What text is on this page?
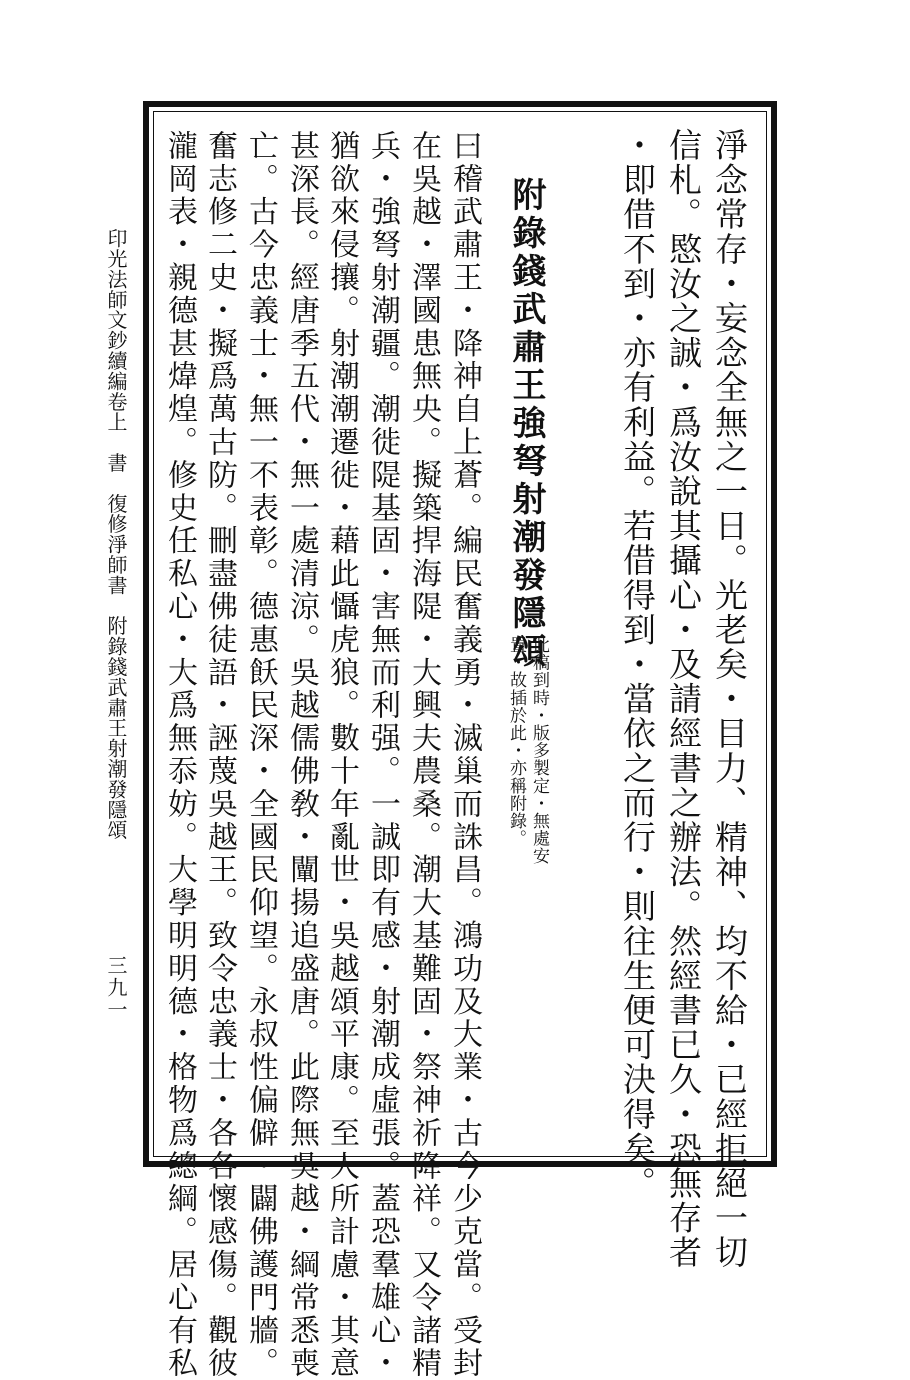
淨念常存・妄念全無之一日。光老矣・目力、精神、均不給・已經拒絕一切
信札。愍汝之誠・爲汝說其攝心・及請經書之辦法。然經書已久・恐無存者
・即借不到・亦有利益。若借得到・當依之而行・則往生便可決得矣。
附錄錢武肅王強弩射潮發隱頌
此稿到時・版多製定・無處安
置・故插於此・亦稱附錄。
曰稽武肅王・降神自上蒼。編民奮義勇・滅巢而誅昌。鴻功及大業・古今少克當。受封
在吳越・澤國患無央。擬築捍海隄・大興夫農桑。潮大基難固・祭神祈降祥。又令諸精
兵・強弩射潮疆。潮徙隄基固・害無而利强。一誠即有感・射潮成虛張。蓋恐羣雄心・
猶欲來侵攘。射潮潮遷徙・藉此懾虎狼。數十年亂世・吳越頌平康。至人所計慮・其意
甚深長。經唐季五代・無一處清涼。吳越儒佛敎・闡揚追盛唐。此際無吳越・綱常悉喪
亡。古今忠義士・無一不表彰。德惠飫民深・全國民仰望。永叔性偏僻・闢佛護門牆。
奮志修二史・擬爲萬古防。刪盡佛徒語・誣蔑吳越王。致令忠義士・各各懷感傷。觀彼
瀧岡表・親德甚煒煌。修史任私心・大爲無忝妨。大學明明德・格物爲總綱。居心有私
印光法師文鈔續編卷上　書　復修淨師書　附錄錢武肅王射潮發隱頌
三九一
